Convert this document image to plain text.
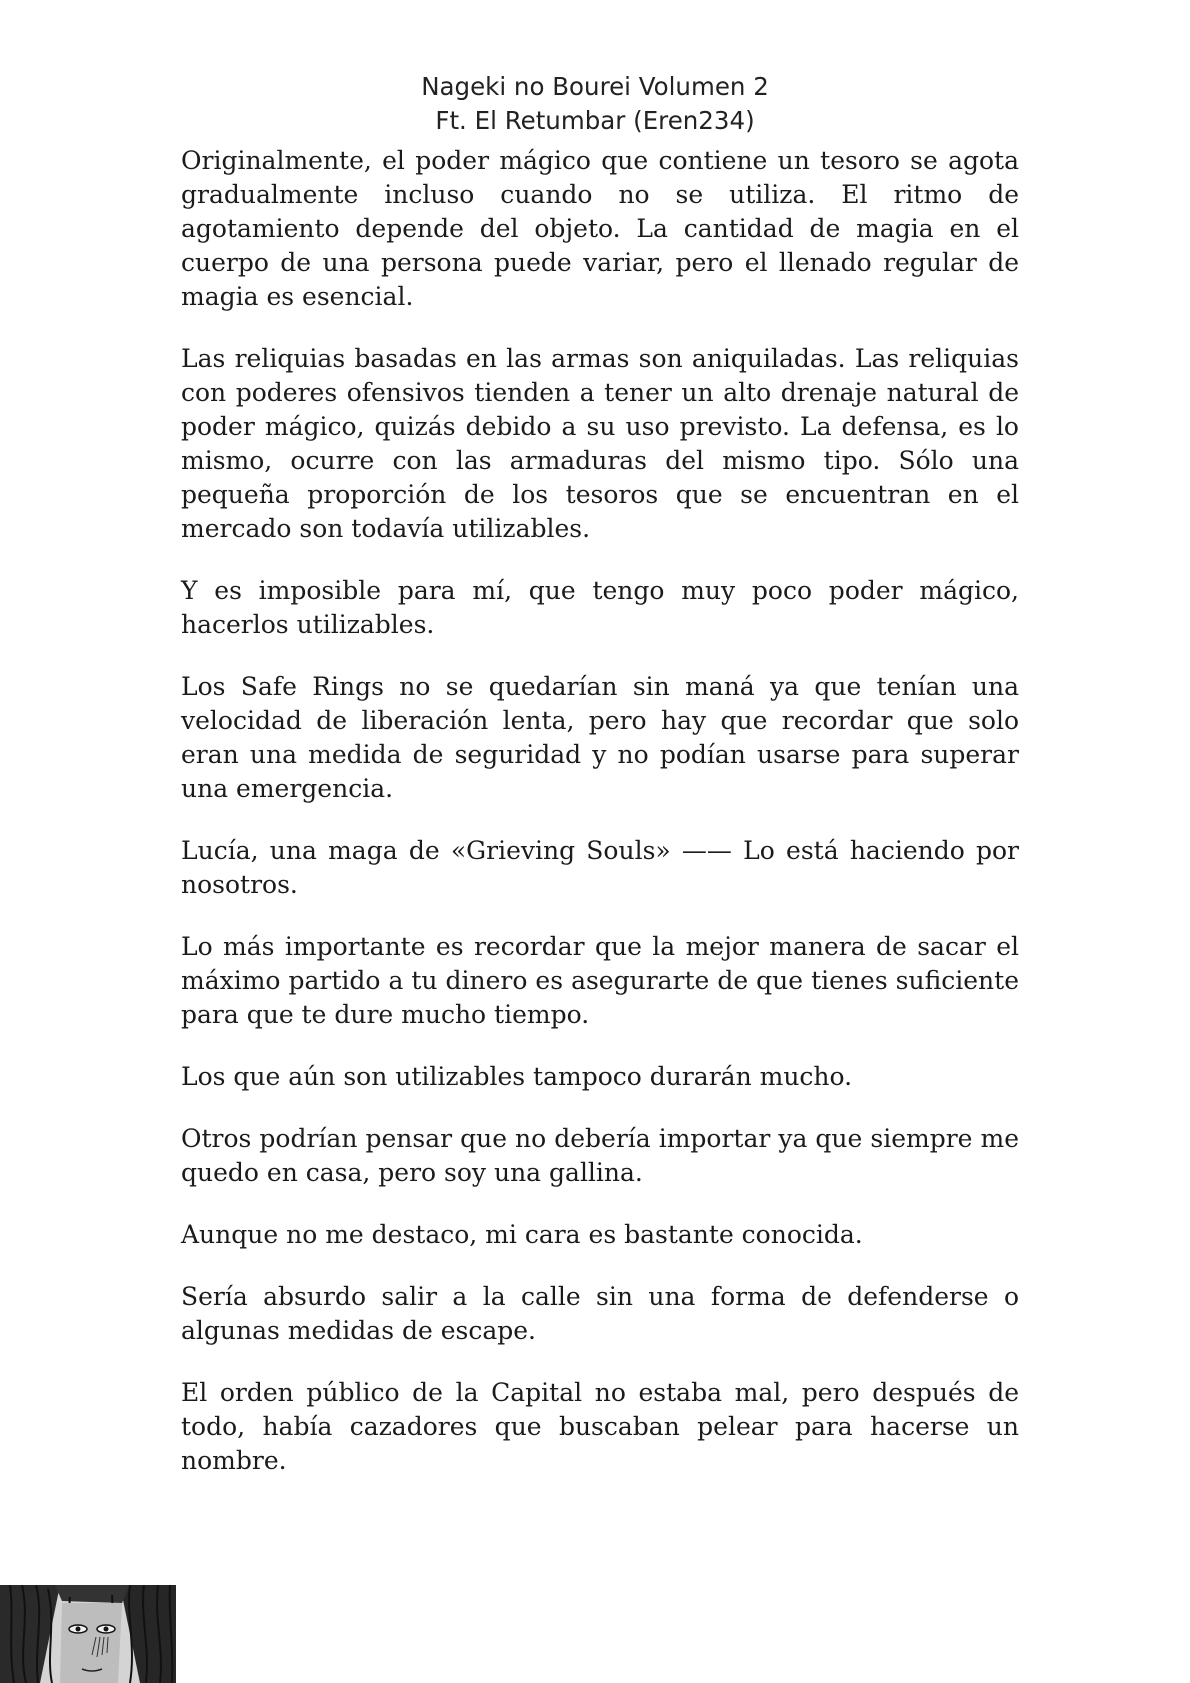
Nageki no Bourei Volumen 2
Ft. El Retumbar (Eren234)

Originalmente, el poder mágico que contiene un tesoro se agota gradualmente incluso cuando no se utiliza. El ritmo de agotamiento depende del objeto. La cantidad de magia en el cuerpo de una persona puede variar, pero el llenado regular de magia es esencial.

Las reliquias basadas en las armas son aniquiladas. Las reliquias con poderes ofensivos tienden a tener un alto drenaje natural de poder mágico, quizás debido a su uso previsto. La defensa, es lo mismo, ocurre con las armaduras del mismo tipo. Sólo una pequeña proporción de los tesoros que se encuentran en el mercado son todavía utilizables.

Y es imposible para mí, que tengo muy poco poder mágico, hacerlos utilizables.

Los Safe Rings no se quedarían sin maná ya que tenían una velocidad de liberación lenta, pero hay que recordar que solo eran una medida de seguridad y no podían usarse para superar una emergencia.

Lucía, una maga de «Grieving Souls» —— Lo está haciendo por nosotros.

Lo más importante es recordar que la mejor manera de sacar el máximo partido a tu dinero es asegurarte de que tienes suficiente para que te dure mucho tiempo.

Los que aún son utilizables tampoco durarán mucho.

Otros podrían pensar que no debería importar ya que siempre me quedo en casa, pero soy una gallina.

Aunque no me destaco, mi cara es bastante conocida.

Sería absurdo salir a la calle sin una forma de defenderse o algunas medidas de escape.

El orden público de la Capital no estaba mal, pero después de todo, había cazadores que buscaban pelear para hacerse un nombre.
